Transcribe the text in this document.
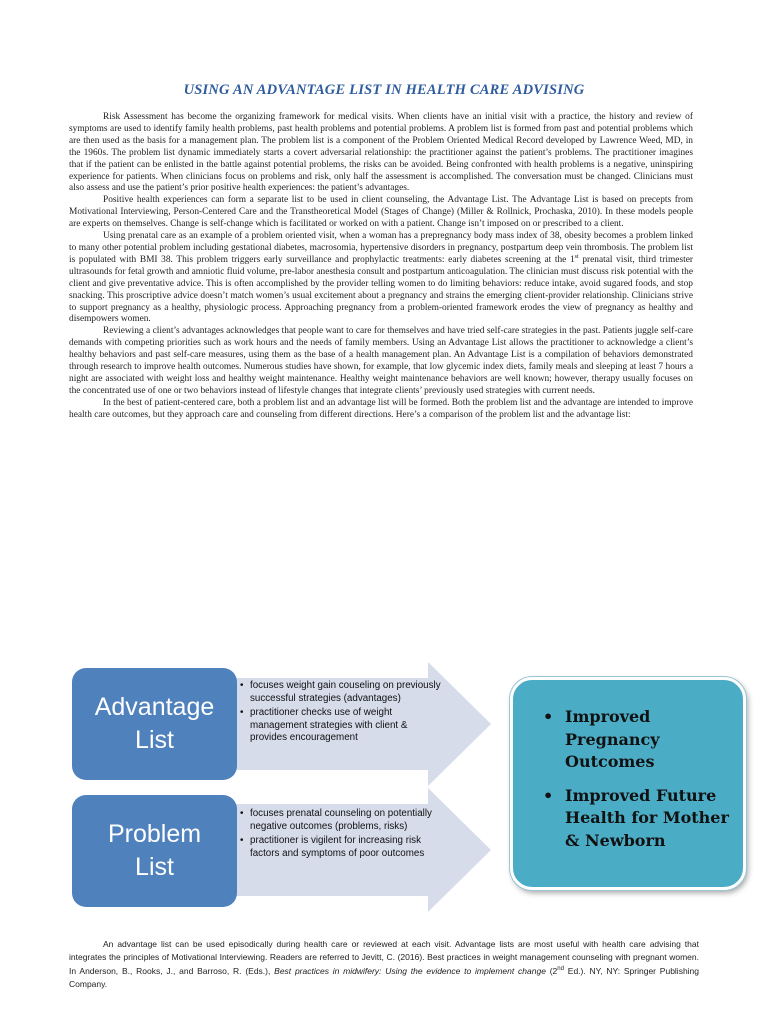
USING AN ADVANTAGE LIST IN HEALTH CARE ADVISING

Risk Assessment has become the organizing framework for medical visits. When clients have an initial visit with a practice, the history and review of symptoms are used to identify family health problems, past health problems and potential problems. A problem list is formed from past and potential problems which are then used as the basis for a management plan. The problem list is a component of the Problem Oriented Medical Record developed by Lawrence Weed, MD, in the 1960s. The problem list dynamic immediately starts a covert adversarial relationship: the practitioner against the patient’s problems. The practitioner imagines that if the patient can be enlisted in the battle against potential problems, the risks can be avoided. Being confronted with health problems is a negative, uninspiring experience for patients. When clinicians focus on problems and risk, only half the assessment is accomplished. The conversation must be changed. Clinicians must also assess and use the patient’s prior positive health experiences: the patient’s advantages.

Positive health experiences can form a separate list to be used in client counseling, the Advantage List. The Advantage List is based on precepts from Motivational Interviewing, Person-Centered Care and the Transtheoretical Model (Stages of Change) (Miller & Rollnick, Prochaska, 2010). In these models people are experts on themselves. Change is self-change which is facilitated or worked on with a patient. Change isn’t imposed on or prescribed to a client.

Using prenatal care as an example of a problem oriented visit, when a woman has a prepregnancy body mass index of 38, obesity becomes a problem linked to many other potential problem including gestational diabetes, macrosomia, hypertensive disorders in pregnancy, postpartum deep vein thrombosis. The problem list is populated with BMI 38. This problem triggers early surveillance and prophylactic treatments: early diabetes screening at the 1st prenatal visit, third trimester ultrasounds for fetal growth and amniotic fluid volume, pre-labor anesthesia consult and postpartum anticoagulation. The clinician must discuss risk potential with the client and give preventative advice. This is often accomplished by the provider telling women to do limiting behaviors: reduce intake, avoid sugared foods, and stop snacking. This proscriptive advice doesn’t match women’s usual excitement about a pregnancy and strains the emerging client-provider relationship. Clinicians strive to support pregnancy as a healthy, physiologic process. Approaching pregnancy from a problem-oriented framework erodes the view of pregnancy as healthy and disempowers women.

Reviewing a client’s advantages acknowledges that people want to care for themselves and have tried self-care strategies in the past. Patients juggle self-care demands with competing priorities such as work hours and the needs of family members. Using an Advantage List allows the practitioner to acknowledge a client’s healthy behaviors and past self-care measures, using them as the base of a health management plan. An Advantage List is a compilation of behaviors demonstrated through research to improve health outcomes. Numerous studies have shown, for example, that low glycemic index diets, family meals and sleeping at least 7 hours a night are associated with weight loss and healthy weight maintenance. Healthy weight maintenance behaviors are well known; however, therapy usually focuses on the concentrated use of one or two behaviors instead of lifestyle changes that integrate clients’ previously used strategies with current needs.

In the best of patient-centered care, both a problem list and an advantage list will be formed. Both the problem list and the advantage are intended to improve health care outcomes, but they approach care and counseling from different directions. Here’s a comparison of the problem list and the advantage list:

Advantage
List
• focuses weight gain couseling on previously successful strategies (advantages)
• practitioner checks use of weight management strategies with client & provides encouragement
Problem
List
• focuses prenatal counseling on potentially negative outcomes (problems, risks)
• practitioner is vigilent for increasing risk factors and symptoms of poor outcomes
• Improved Pregnancy Outcomes
• Improved Future Health for Mother & Newborn

An advantage list can be used episodically during health care or reviewed at each visit. Advantage lists are most useful with health care advising that integrates the principles of Motivational Interviewing. Readers are referred to Jevitt, C. (2016). Best practices in weight management counseling with pregnant women. In Anderson, B., Rooks, J., and Barroso, R. (Eds.), Best practices in midwifery: Using the evidence to implement change (2nd Ed.). NY, NY: Springer Publishing Company.
